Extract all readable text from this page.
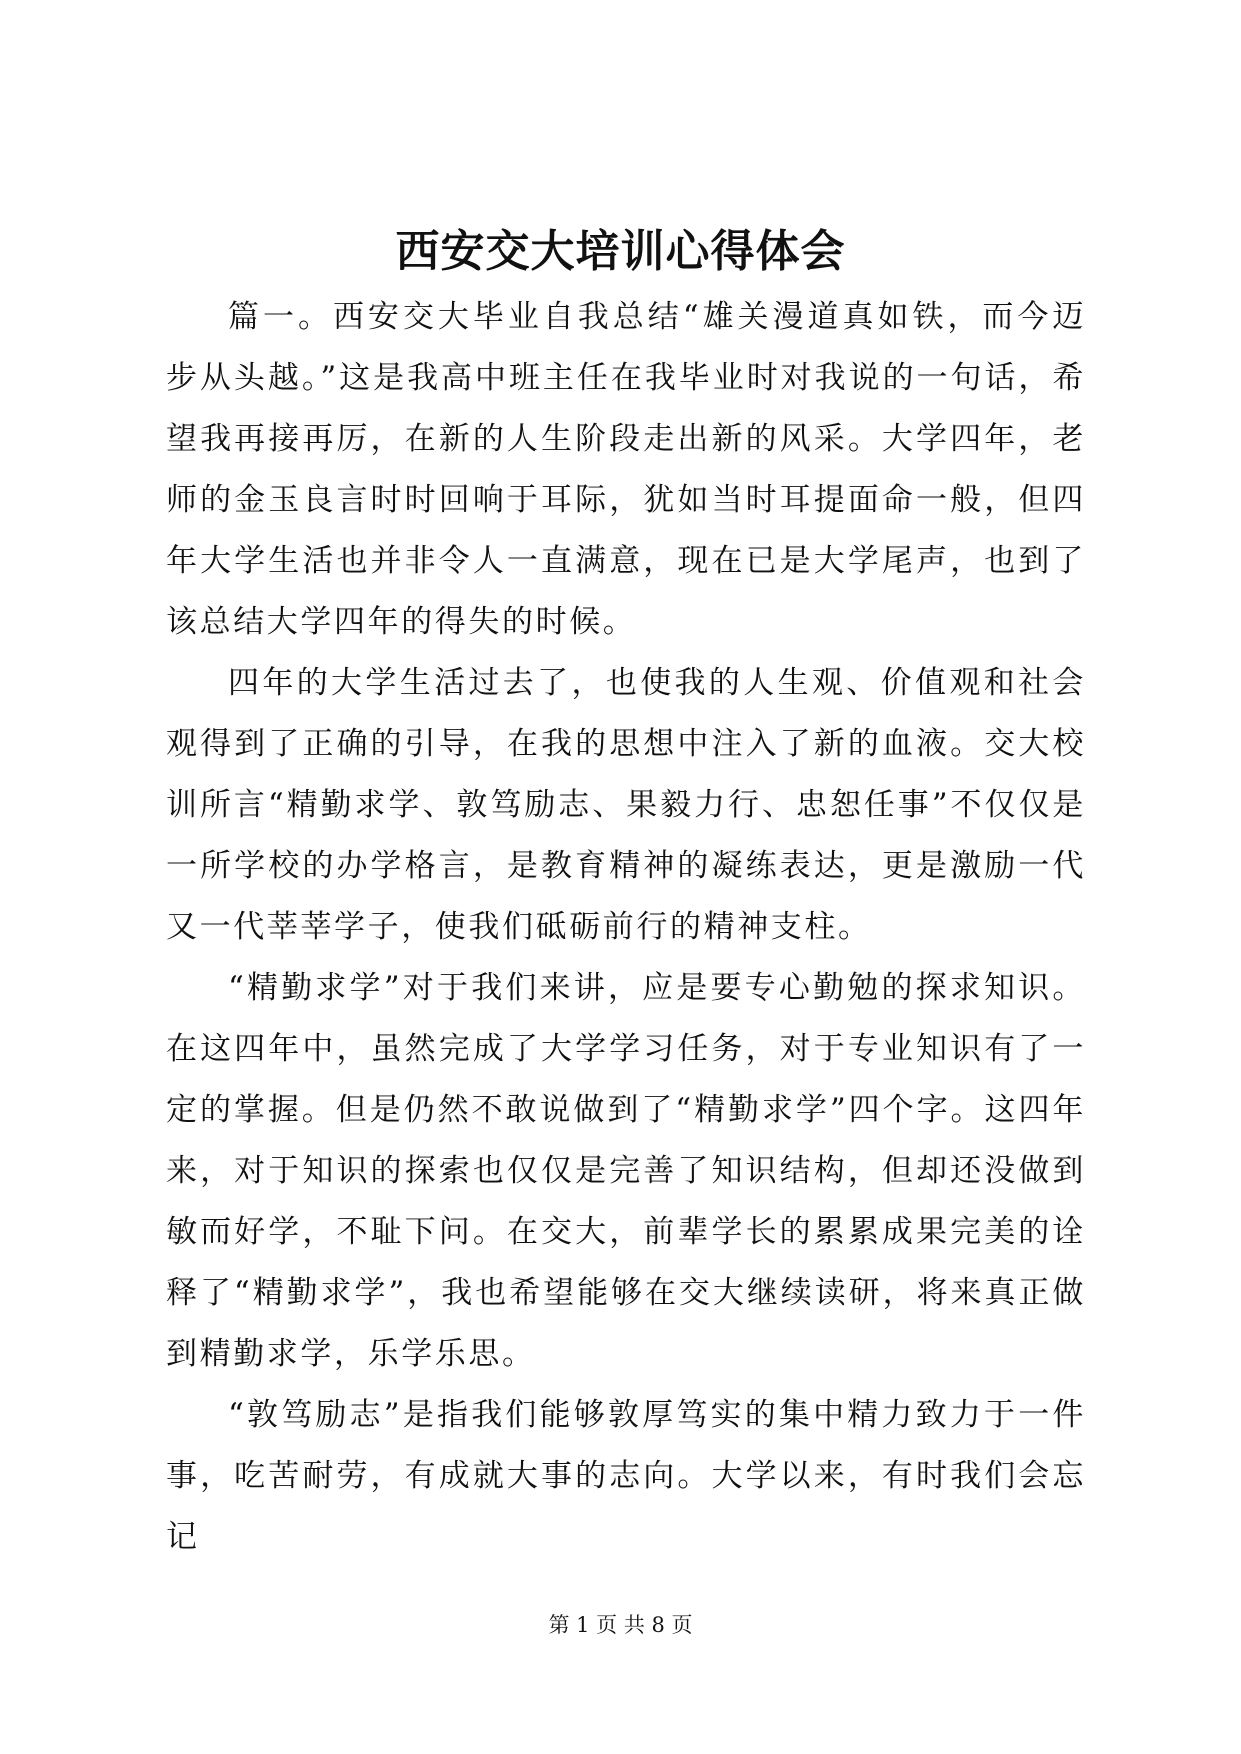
西安交大培训心得体会

篇一。西安交大毕业自我总结“雄关漫道真如铁，而今迈步从头越。”这是我高中班主任在我毕业时对我说的一句话，希望我再接再厉，在新的人生阶段走出新的风采。大学四年，老师的金玉良言时时回响于耳际，犹如当时耳提面命一般，但四年大学生活也并非令人一直满意，现在已是大学尾声，也到了该总结大学四年的得失的时候。

四年的大学生活过去了，也使我的人生观、价值观和社会观得到了正确的引导，在我的思想中注入了新的血液。交大校训所言“精勤求学、敦笃励志、果毅力行、忠恕任事”不仅仅是一所学校的办学格言，是教育精神的凝练表达，更是激励一代又一代莘莘学子，使我们砥砺前行的精神支柱。

“精勤求学”对于我们来讲，应是要专心勤勉的探求知识。在这四年中，虽然完成了大学学习任务，对于专业知识有了一定的掌握。但是仍然不敢说做到了“精勤求学”四个字。这四年来，对于知识的探索也仅仅是完善了知识结构，但却还没做到敏而好学，不耻下问。在交大，前辈学长的累累成果完美的诠释了“精勤求学”，我也希望能够在交大继续读研，将来真正做到精勤求学，乐学乐思。

“敦笃励志”是指我们能够敦厚笃实的集中精力致力于一件事，吃苦耐劳，有成就大事的志向。大学以来，有时我们会忘记

第 1 页 共 8 页
